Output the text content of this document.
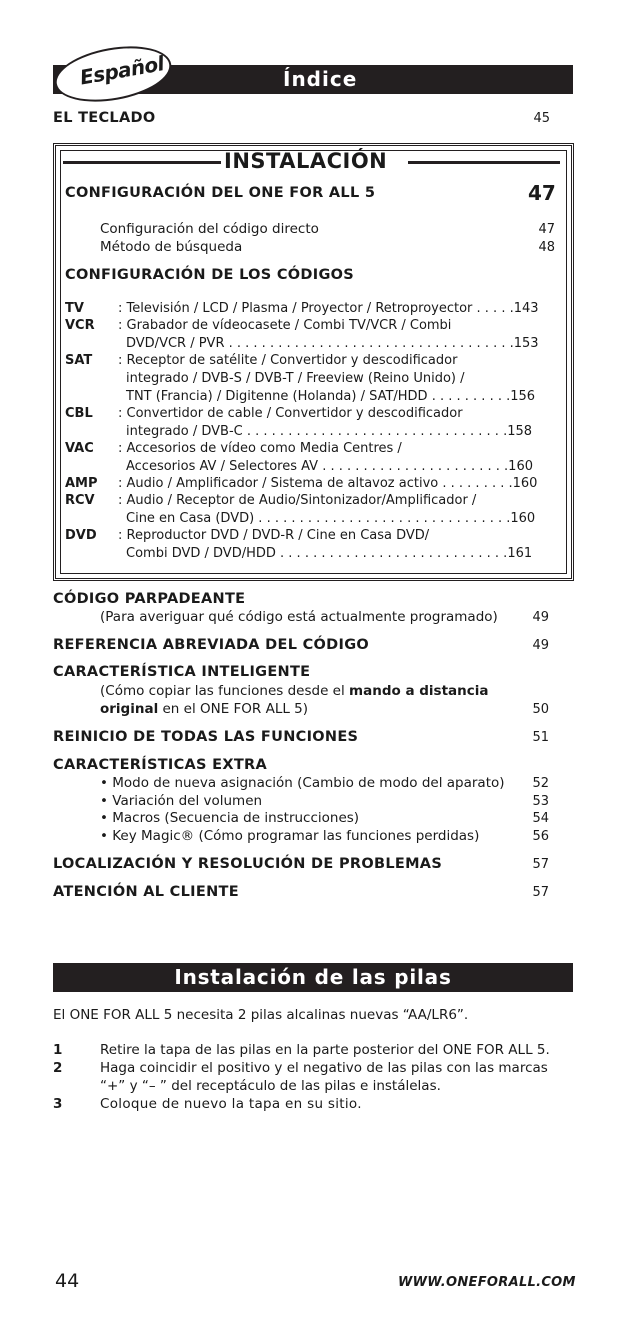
Índice
Español
EL TECLADO	45
INSTALACIÓN
CONFIGURACIÓN DEL ONE FOR ALL 5	47
Configuración del código directo	47
Método de búsqueda	48
CONFIGURACIÓN DE LOS CÓDIGOS
TV	: Televisión / LCD / Plasma / Proyector / Retroproyector . . . . .143
VCR : Grabador de vídeocasete / Combi TV/VCR / Combi
DVD/VCR / PVR . . . . . . . . . . . . . . . . . . . . . . . . . . . . . . . . . . .153
SAT : Receptor de satélite / Convertidor y descodificador
integrado / DVB-S / DVB-T / Freeview (Reino Unido) /
TNT (Francia) / Digitenne (Holanda) / SAT/HDD . . . . . . . . . .156
CBL : Convertidor de cable / Convertidor y descodificador
integrado / DVB-C . . . . . . . . . . . . . . . . . . . . . . . . . . . . . . . .158
VAC : Accesorios de vídeo como Media Centres /
Accesorios AV / Selectores AV . . . . . . . . . . . . . . . . . . . . . . .160
AMP : Audio / Amplificador / Sistema de altavoz activo . . . . . . . . .160
RCV : Audio / Receptor de Audio/Sintonizador/Amplificador /
Cine en Casa (DVD) . . . . . . . . . . . . . . . . . . . . . . . . . . . . . . .160
DVD : Reproductor DVD / DVD-R / Cine en Casa DVD/
Combi DVD / DVD/HDD . . . . . . . . . . . . . . . . . . . . . . . . . . . .161
CÓDIGO PARPADEANTE
(Para averiguar qué código está actualmente programado)	49
REFERENCIA ABREVIADA DEL CÓDIGO	49
CARACTERÍSTICA INTELIGENTE
(Cómo copiar las funciones desde el mando a distancia
original en el ONE FOR ALL 5)	50
REINICIO DE TODAS LAS FUNCIONES	51
CARACTERÍSTICAS EXTRA
• Modo de nueva asignación (Cambio de modo del aparato)	52
• Variación del volumen	53
• Macros (Secuencia de instrucciones)	54
• Key Magic® (Cómo programar las funciones perdidas)	56
LOCALIZACIÓN Y RESOLUCIÓN DE PROBLEMAS	57
ATENCIÓN AL CLIENTE	57
Instalación de las pilas
El ONE FOR ALL 5 necesita 2 pilas alcalinas nuevas “AA/LR6”.
1	Retire la tapa de las pilas en la parte posterior del ONE FOR ALL 5.
2	Haga coincidir el positivo y el negativo de las pilas con las marcas
“+” y “– ” del receptáculo de las pilas e instálelas.
3	Coloque de nuevo la tapa en su sitio.
44	WWW.ONEFORALL.COM
